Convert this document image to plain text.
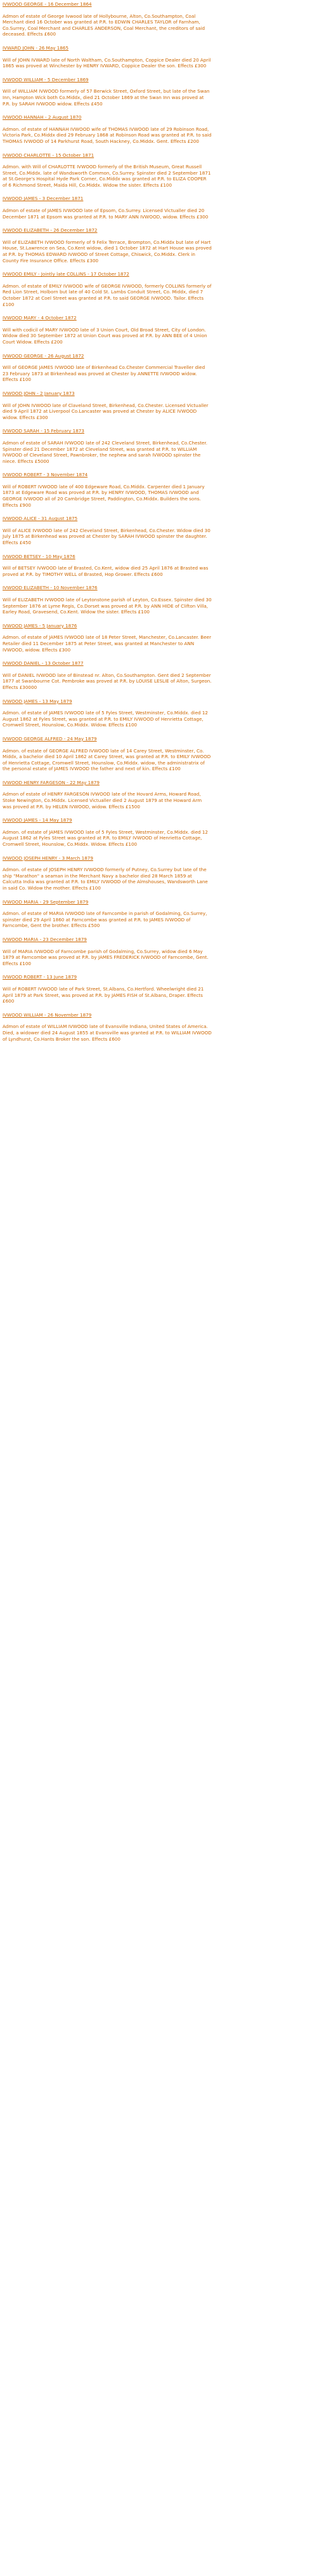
IVWOOD GEORGE - 16 December 1864
Admon of estate of George Ivwood late of Hollybourne, Alton, Co.Southampton, Coal Merchant died 16 October was granted at P.R. to EDWIN CHARLES TAYLOR of Farnham, Co.Surrey, Coal Merchant and CHARLES ANDERSON, Coal Merchant, the creditors of said deceased. Effects £600
IVWARD JOHN - 26 May 1865
Will of JOHN IVWARD late of North Waltham, Co.Southampton, Coppice Dealer died 20 April 1865 was proved at Winchester by HENRY IVWARD, Coppice Dealer the son. Effects £300
IVWOOD WILLIAM - 5 December 1869
Will of WILLIAM IVWOOD formerly of 57 Berwick Street, Oxford Street, but late of the Swan Inn, Hampton Wick both Co.Middx, died 21 October 1869 at the Swan Inn was proved at P.R. by SARAH IVWOOD widow. Effects £450
IVWOOD HANNAH - 2 August 1870
Admon. of estate of HANNAH IVWOOD wife of THOMAS IVWOOD late of 29 Robinson Road, Victoria Park, Co.Middx died 29 February 1868 at Robinson Road was granted at P.R. to said THOMAS IVWOOD of 14 Parkhurst Road, South Hackney, Co.Middx. Gent. Effects £200
IVWOOD CHARLOTTE - 15 October 1871
Admon. with Will of CHARLOTTE IVWOOD formerly of the British Museum, Great Russell Street, Co.Middx. late of Wandsworth Common, Co.Surrey. Spinster died 2 September 1871 at St.George's Hospital Hyde Park Corner, Co.Middx was granted at P.R. to ELIZA COOPER of 6 Richmond Street, Maida Hill, Co.Middx. Widow the sister. Effects £100
IVWOOD JAMES - 3 December 1871
Admon of estate of JAMES IVWOOD late of Epsom, Co.Surrey. Licensed Victualler died 20 December 1871 at Epsom was granted at P.R. to MARY ANN IVWOOD, widow. Effects £300
IVWOOD ELIZABETH - 26 December 1872
Will of ELIZABETH IVWOOD formerly of 9 Felix Terrace, Brompton, Co.Middx but late of Hart House, St.Lawrence on Sea, Co.Kent widow, died 1 October 1872 at Hart House was proved at P.R. by THOMAS EDWARD IVWOOD of Street Cottage, Chiswick, Co.Middx. Clerk in County Fire Insurance Office. Effects £300
IVWOOD EMILY - Jointly late COLLINS - 17 October 1872
Admon. of estate of EMILY IVWOOD wife of GEORGE IVWOOD, formerly COLLINS formerly of Red Lion Street, Holborn but late of 40 Cold St. Lambs Conduit Street, Co. Middx, died 7 October 1872 at Coel Street was granted at P.R. to said GEORGE IVWOOD. Tailor. Effects £100
IVWOOD MARY - 4 October 1872
Will with codicil of MARY IVWOOD late of 3 Union Court, Old Broad Street, City of London. Widow died 30 September 1872 at Union Court was proved at P.R. by ANN BEE of 4 Union Court Widow. Effects £200
IVWOOD GEORGE - 26 August 1872
Will of GEORGE JAMES IVWOOD late of Birkenhead Co.Chester Commercial Traveller died 23 February 1873 at Birkenhead was proved at Chester by ANNETTE IVWOOD widow. Effects £100
IVWOOD JOHN - 2 January 1873
Will of JOHN IVWOOD late of Claveland Street, Birkenhead, Co.Chester. Licensed Victualler died 9 April 1872 at Liverpool Co.Lancaster was proved at Chester by ALICE IVWOOD widow. Effects £300
IVWOOD SARAH - 15 February 1873
Admon of estate of SARAH IVWOOD late of 242 Cleveland Street, Birkenhead, Co.Chester. Spinster died 21 December 1872 at Cleveland Street, was granted at P.R. to WILLIAM IVWOOD of Cleveland Street, Pawnbroker, the nephew and sarah IVWOOD spinster the niece. Effects £5000
IVWOOD ROBERT - 3 November 1874
Will of ROBERT IVWOOD late of 400 Edgeware Road, Co.Middx. Carpenter died 1 January 1873 at Edgeware Road was proved at P.R. by HENRY IVWOOD, THOMAS IVWOOD and GEORGE IVWOOD all of 20 Cambridge Street, Paddington, Co.Middx. Builders the sons. Effects £900
IVWOOD ALICE - 31 August 1875
Will of ALICE IVWOOD late of 242 Cleveland Street, Birkenhead, Co.Chester. Widow died 30 July 1875 at Birkenhead was proved at Chester by SARAH IVWOOD spinster the daughter. Effects £450
IVWOOD BETSEY - 10 May 1876
Will of BETSEY IVWOOD late of Brasted, Co.Kent, widow died 25 April 1876 at Brasted was proved at P.R. by TIMOTHY WELL of Brasted, Hop Grower. Effects £600
IVWOOD ELIZABETH - 10 November 1876
Will of ELIZABETH IVWOOD late of Leytonstone parish of Leyton, Co.Essex. Spinster died 30 September 1876 at Lyme Regis, Co.Dorset was proved at P.R. by ANN HIDE of Clifton Villa, Earley Road, Gravesend, Co.Kent. Widow the sister. Effects £100
IVWOOD JAMES - 5 January 1876
Admon. of estate of JAMES IVWOOD late of 18 Peter Street, Manchester, Co.Lancaster. Beer Retailer died 11 December 1875 at Peter Street, was granted at Manchester to ANN IVWOOD, widow. Effects £300
IVWOOD DANIEL - 13 October 1877
Will of DANIEL IVWOOD late of Binstead nr. Alton, Co.Southampton. Gent died 2 September 1877 at Swanbourne Cot. Pembroke was proved at P.R. by LOUISE LESLIE of Alton, Surgeon. Effects £30000
IVWOOD JAMES - 13 May 1879
Admon. of estate of JAMES IVWOOD late of 5 Fyles Street, Westminster, Co.Middx. died 12 August 1862 at Fyles Street, was granted at P.R. to EMILY IVWOOD of Henrietta Cottage, Cromwell Street, Hounslow, Co.Middx. Widow. Effects £100
IVWOOD GEORGE ALFRED - 24 May 1879
Admon. of estate of GEORGE ALFRED IVWOOD late of 14 Carey Street, Westminster, Co. Middx, a bachelor died 10 April 1862 at Carey Street, was granted at P.R. to EMILY IVWOOD of Henrietta Cottage, Cromwell Street, Hounslow, Co.Middx. widow, the administratrix of the personal estate of JAMES IVWOOD the father and next of kin. Effects £100
IVWOOD HENRY FARGESON - 22 May 1879
Admon of estate of HENRY FARGESON IVWOOD late of the Hovard Arms, Howard Road, Stoke Newington, Co.Middx. Licensed Victualler died 2 August 1879 at the Howard Arm was proved at P.R. by HELEN IVWOOD, widow. Effects £1500
IVWOOD JAMES - 14 May 1879
Admon. of estate of JAMES IVWOOD late of 5 Fyles Street, Westminster, Co.Middx. died 12 August 1862 at Fyles Street was granted at P.R. to EMILY IVWOOD of Henrietta Cottage, Cromwell Street, Hounslow, Co.Middx. Widow. Effects £100
IVWOOD JOSEPH HENRY - 3 March 1879
Admon. of estate of JOSEPH HENRY IVWOOD formerly of Putney, Co.Surrey but late of the ship "Marathon" a seaman in the Merchant Navy a bachelor died 28 March 1859 at Calcutta India was granted at P.R. to EMILY IVWOOD of the Almshouses, Wandsworth Lane in said Co. Widow the mother. Effects £100
IVWOOD MARIA - 29 September 1879
Admon. of estate of MARIA IVWOOD late of Farncombe in parish of Godalming, Co.Surrey, spinster died 29 April 1860 at Farncombe was granted at P.R. to JAMES IVWOOD of Farncombe, Gent the brother. Effects £500
IVWOOD MARIA - 23 December 1879
Will of MARIA IVWOOD of Farncombe parish of Godalming, Co.Surrey, widow died 6 May 1879 at Farncombe was proved at P.R. by JAMES FREDERICK IVWOOD of Farncombe, Gent. Effects £100
IVWOOD ROBERT - 13 June 1879
Will of ROBERT IVWOOD late of Park Street, St.Albans, Co.Hertford. Wheelwright died 21 April 1879 at Park Street, was proved at P.R. by JAMES FISH of St.Albans, Draper. Effects £600
IVWOOD WILLIAM - 26 November 1879
Admon of estate of WILLIAM IVWOOD late of Evansville Indiana, United States of America. Died, a widower died 24 August 1855 at Evansville was granted at P.R. to WILLIAM IVWOOD of Lyndhurst, Co.Hants Broker the son. Effects £600
